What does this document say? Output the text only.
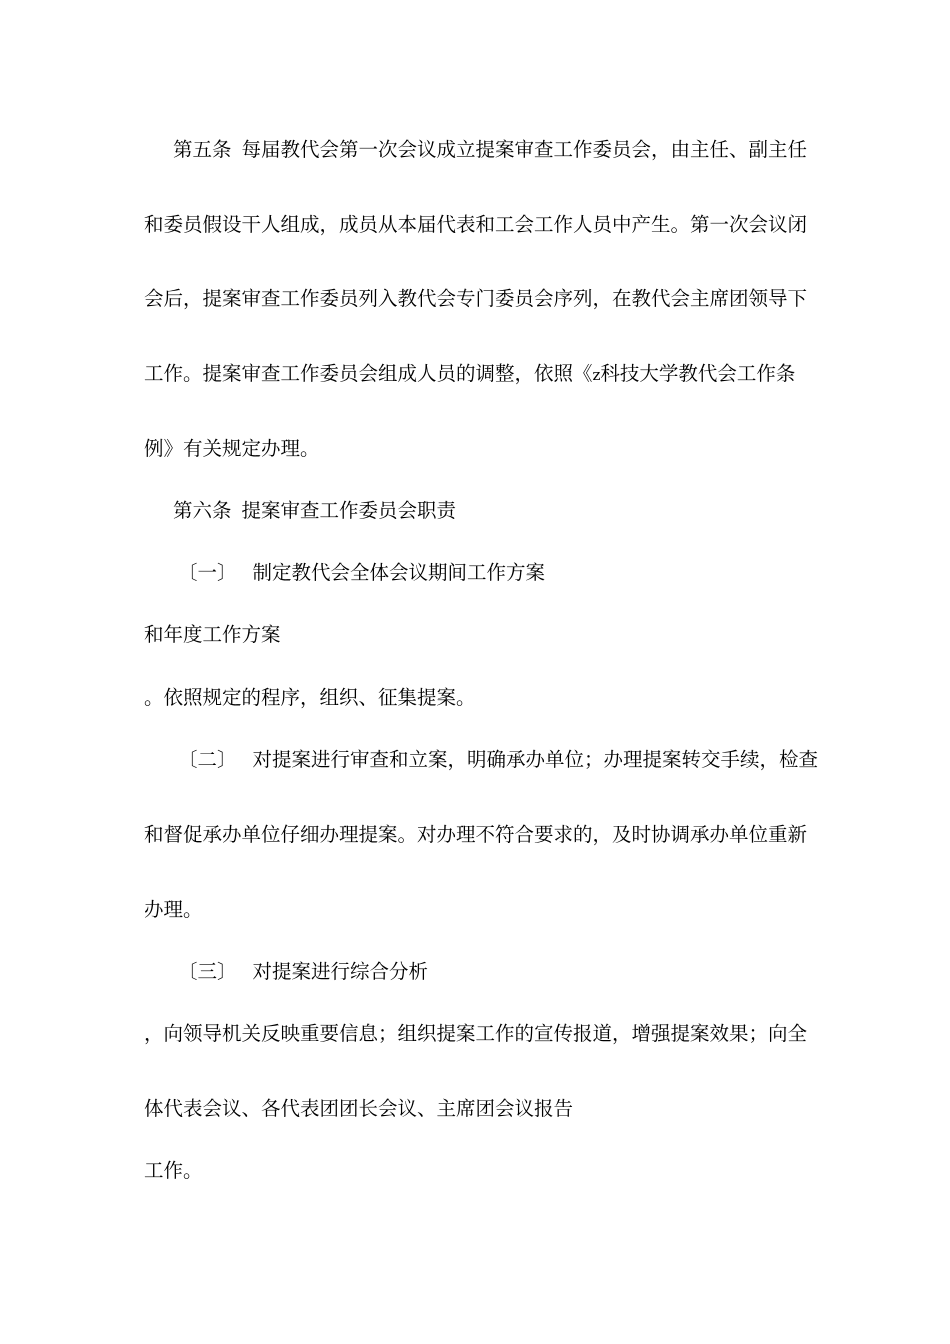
第五条 每届教代会第一次会议成立提案审查工作委员会，由主任、副主任
和委员假设干人组成，成员从本届代表和工会工作人员中产生。第一次会议闭
会后，提案审查工作委员列入教代会专门委员会序列，在教代会主席团领导下
工作。提案审查工作委员会组成人员的调整，依照《z科技大学教代会工作条
例》有关规定办理。
第六条 提案审查工作委员会职责
〔一〕 制定教代会全体会议期间工作方案
和年度工作方案
。依照规定的程序，组织、征集提案。
〔二〕 对提案进行审查和立案，明确承办单位；办理提案转交手续，检查
和督促承办单位仔细办理提案。对办理不符合要求的，及时协调承办单位重新
办理。
〔三〕 对提案进行综合分析
，向领导机关反映重要信息；组织提案工作的宣传报道，增强提案效果；向全
体代表会议、各代表团团长会议、主席团会议报告
工作。
